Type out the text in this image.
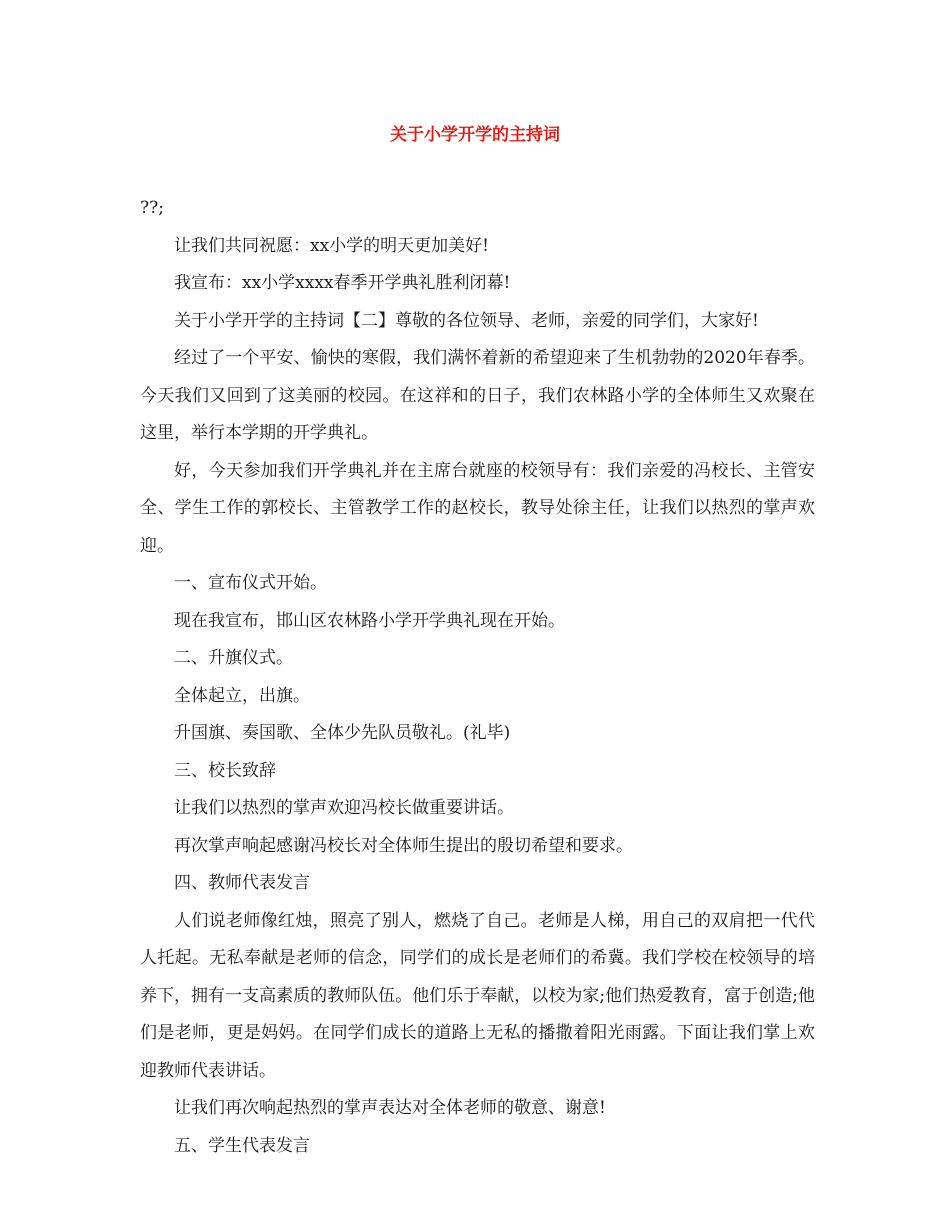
关于小学开学的主持词

??;

让我们共同祝愿：xx小学的明天更加美好!

我宣布：xx小学xxxx春季开学典礼胜利闭幕!

关于小学开学的主持词【二】尊敬的各位领导、老师，亲爱的同学们，大家好!

经过了一个平安、愉快的寒假，我们满怀着新的希望迎来了生机勃勃的2020年春季。今天我们又回到了这美丽的校园。在这祥和的日子，我们农林路小学的全体师生又欢聚在这里，举行本学期的开学典礼。

好，今天参加我们开学典礼并在主席台就座的校领导有：我们亲爱的冯校长、主管安全、学生工作的郭校长、主管教学工作的赵校长，教导处徐主任，让我们以热烈的掌声欢迎。

一、宣布仪式开始。

现在我宣布，邯山区农林路小学开学典礼现在开始。

二、升旗仪式。

全体起立，出旗。

升国旗、奏国歌、全体少先队员敬礼。(礼毕)

三、校长致辞

让我们以热烈的掌声欢迎冯校长做重要讲话。

再次掌声响起感谢冯校长对全体师生提出的殷切希望和要求。

四、教师代表发言

人们说老师像红烛，照亮了别人，燃烧了自己。老师是人梯，用自己的双肩把一代代人托起。无私奉献是老师的信念，同学们的成长是老师们的希冀。我们学校在校领导的培养下，拥有一支高素质的教师队伍。他们乐于奉献，以校为家;他们热爱教育，富于创造;他们是老师，更是妈妈。在同学们成长的道路上无私的播撒着阳光雨露。下面让我们掌上欢迎教师代表讲话。

让我们再次响起热烈的掌声表达对全体老师的敬意、谢意!

五、学生代表发言
